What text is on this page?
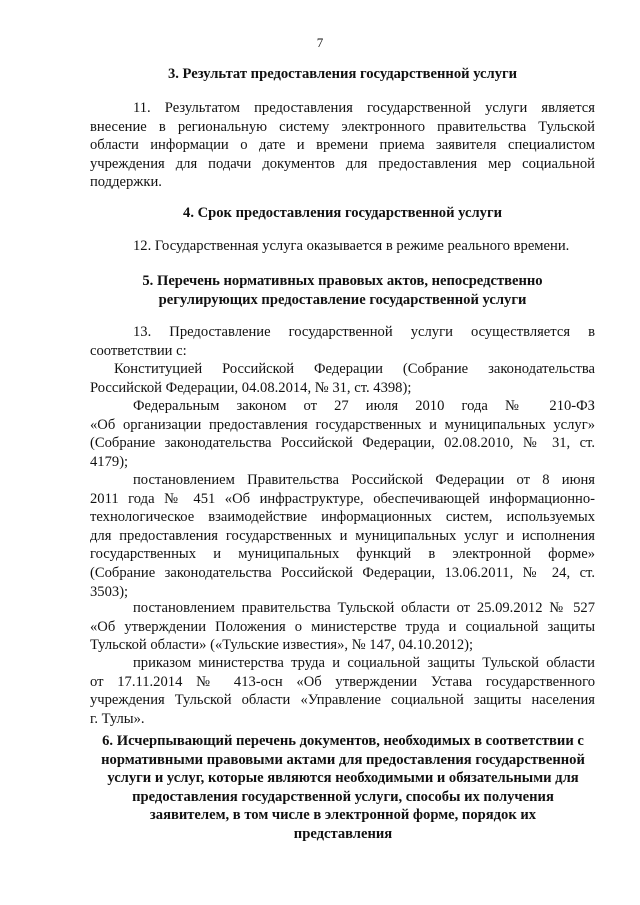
7
3. Результат предоставления государственной услуги
11. Результатом предоставления государственной услуги является
внесение в региональную систему электронного правительства Тульской
области информации о дате и времени приема заявителя специалистом
учреждения для подачи документов для предоставления мер социальной
поддержки.
4. Срок предоставления государственной услуги
12. Государственная услуга оказывается в режиме реального времени.
5. Перечень нормативных правовых актов, непосредственно
регулирующих предоставление государственной услуги
13. Предоставление государственной услуги осуществляется в
соответствии с:
Конституцией Российской Федерации (Собрание законодательства
Российской Федерации, 04.08.2014, № 31, ст. 4398);
Федеральным законом от 27 июля 2010 года № 210-ФЗ
«Об организации предоставления государственных и муниципальных услуг»
(Собрание законодательства Российской Федерации, 02.08.2010, № 31, ст.
4179);
постановлением Правительства Российской Федерации от 8 июня
2011 года № 451 «Об инфраструктуре, обеспечивающей информационно-
технологическое взаимодействие информационных систем, используемых
для предоставления государственных и муниципальных услуг и исполнения
государственных и муниципальных функций в электронной форме»
(Собрание законодательства Российской Федерации, 13.06.2011, № 24, ст.
3503);
постановлением правительства Тульской области от 25.09.2012 № 527
«Об утверждении Положения о министерстве труда и социальной защиты
Тульской области» («Тульские известия», № 147, 04.10.2012);
приказом министерства труда и социальной защиты Тульской области
от 17.11.2014 № 413-осн «Об утверждении Устава государственного
учреждения Тульской области «Управление социальной защиты населения
г. Тулы».
6. Исчерпывающий перечень документов, необходимых в соответствии с
нормативными правовыми актами для предоставления государственной
услуги и услуг, которые являются необходимыми и обязательными для
предоставления государственной услуги, способы их получения
заявителем, в том числе в электронной форме, порядок их
представления
